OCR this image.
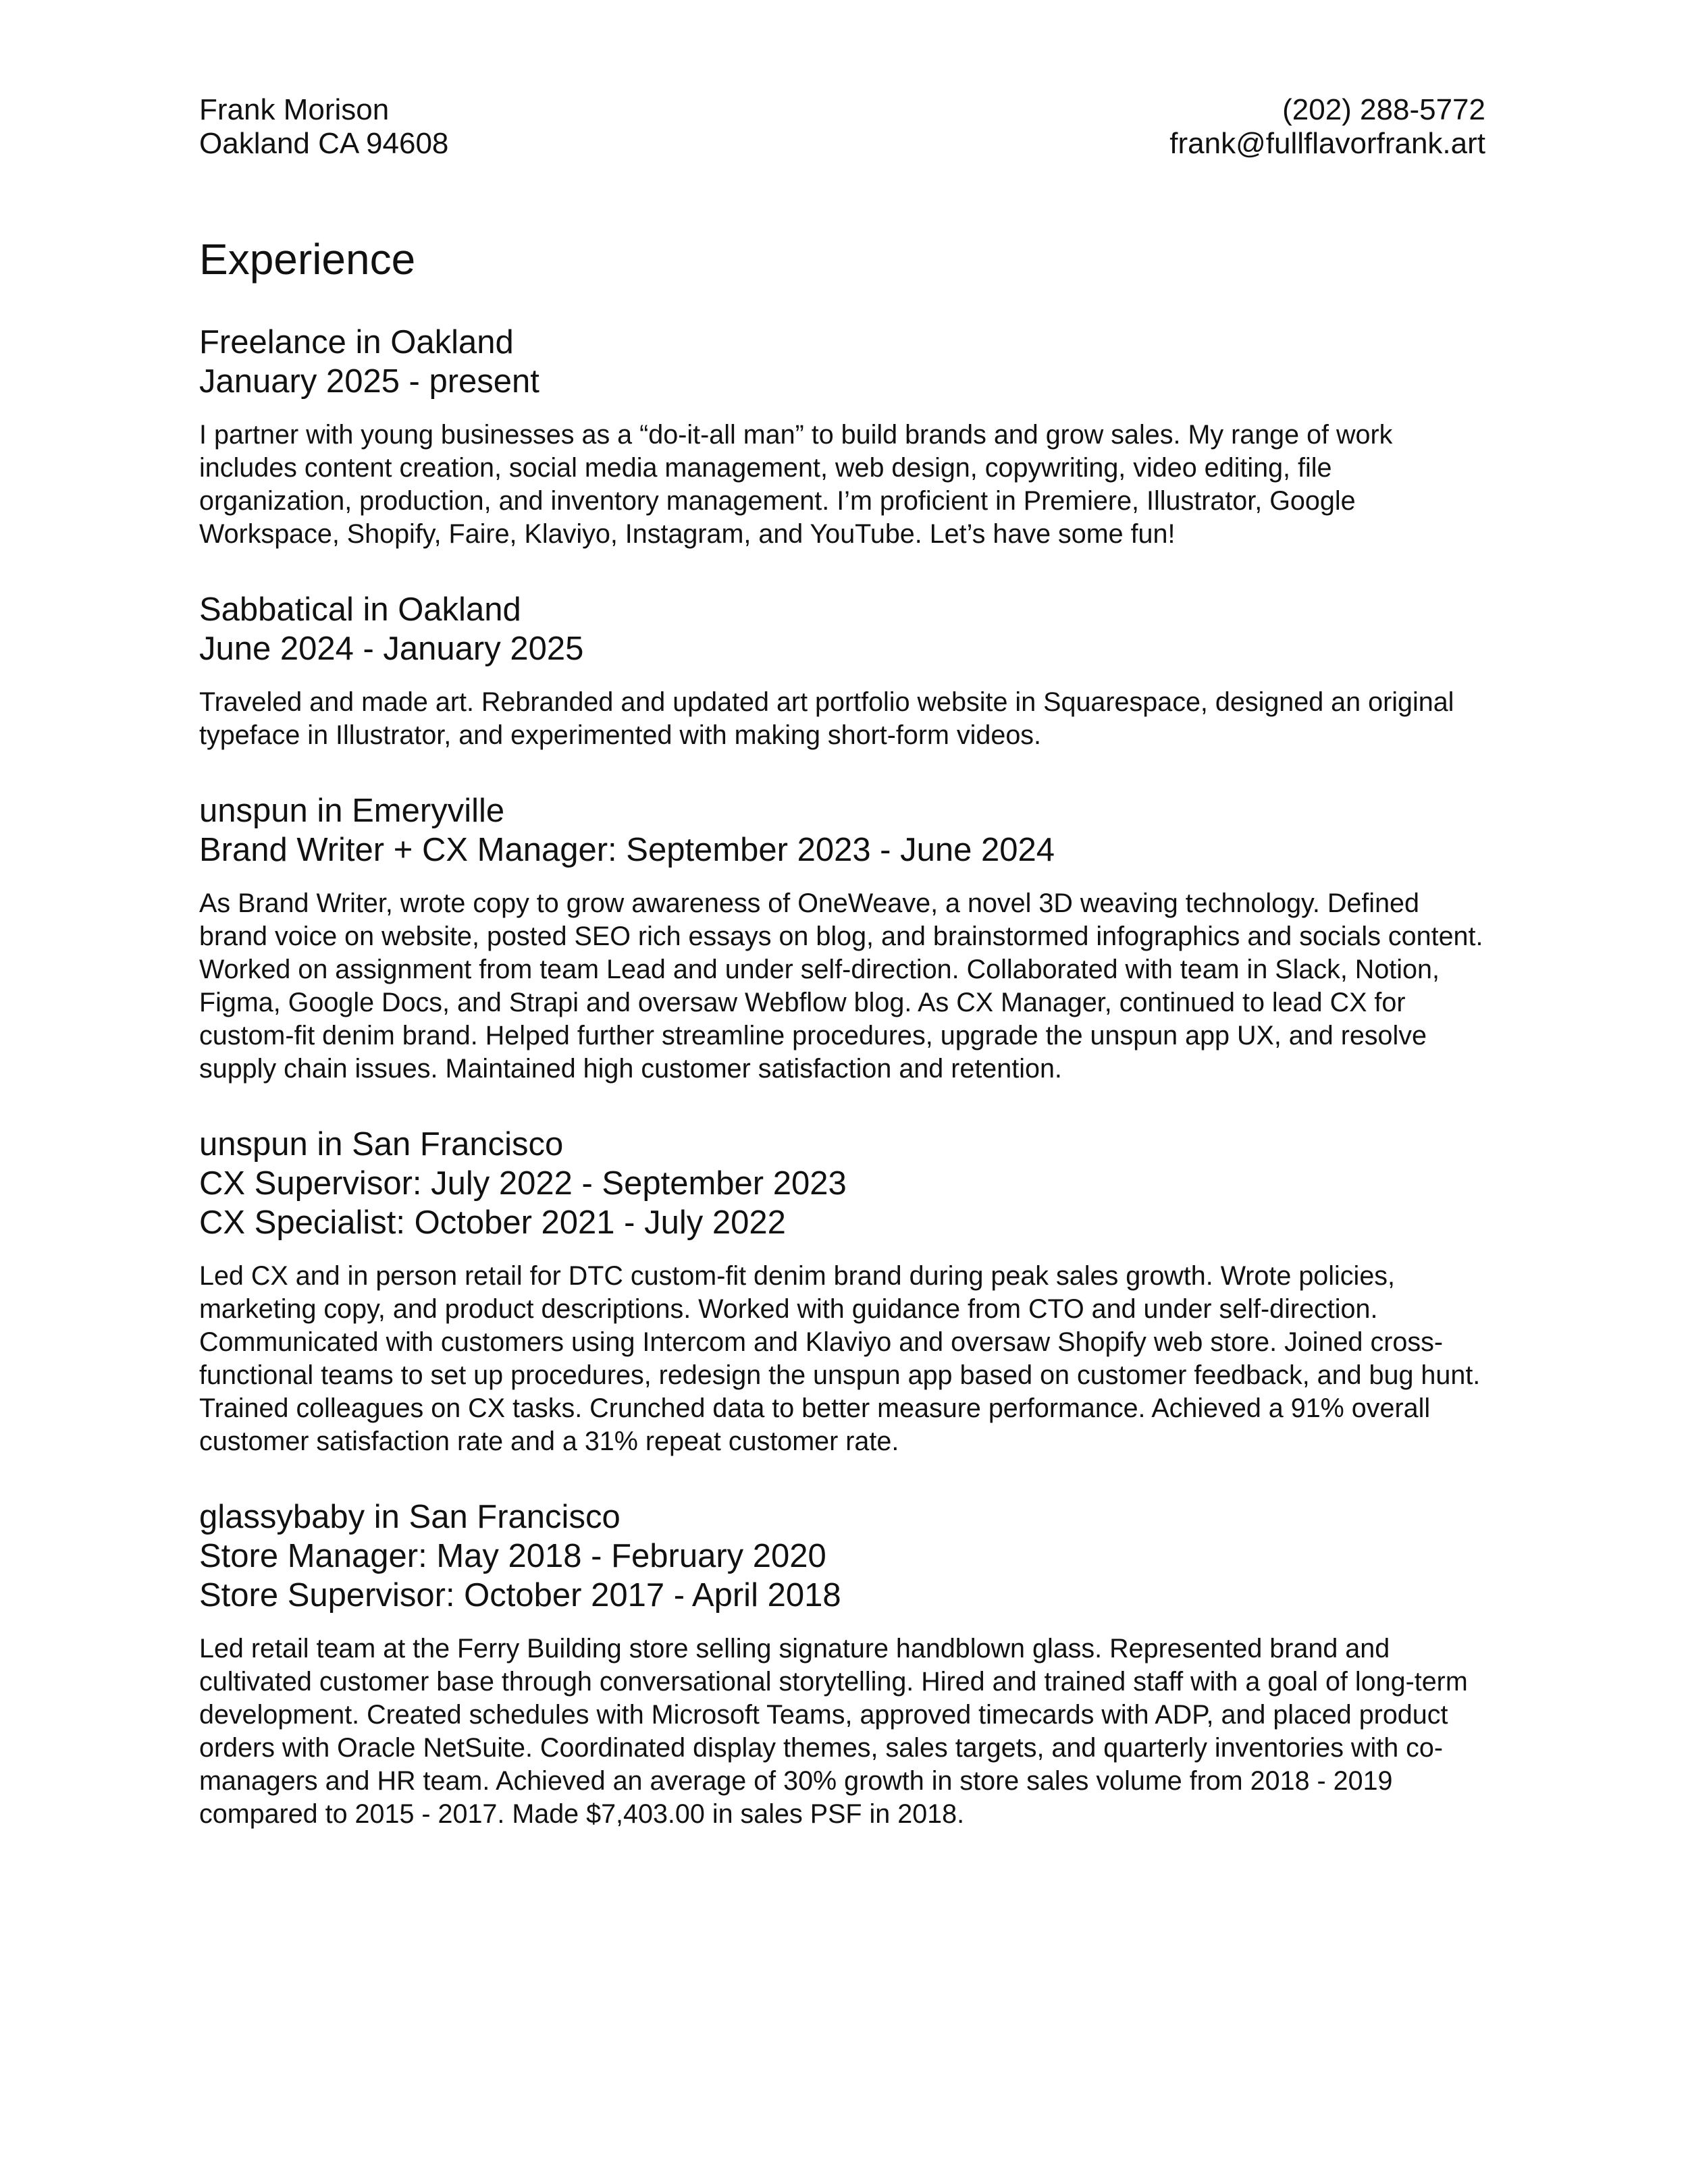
Frank Morison
Oakland CA 94608
(202) 288-5772
frank@fullflavorfrank.art
Experience
Freelance in Oakland
January 2025 - present
I partner with young businesses as a “do-it-all man” to build brands and grow sales. My range of work includes content creation, social media management, web design, copywriting, video editing, file organization, production, and inventory management. I’m proficient in Premiere, Illustrator, Google Workspace, Shopify, Faire, Klaviyo, Instagram, and YouTube. Let’s have some fun!
Sabbatical in Oakland
June 2024 - January 2025
Traveled and made art. Rebranded and updated art portfolio website in Squarespace, designed an original typeface in Illustrator, and experimented with making short-form videos.
unspun in Emeryville
Brand Writer + CX Manager: September 2023 - June 2024
As Brand Writer, wrote copy to grow awareness of OneWeave, a novel 3D weaving technology. Defined brand voice on website, posted SEO rich essays on blog, and brainstormed infographics and socials content. Worked on assignment from team Lead and under self-direction. Collaborated with team in Slack, Notion, Figma, Google Docs, and Strapi and oversaw Webflow blog. As CX Manager, continued to lead CX for custom-fit denim brand. Helped further streamline procedures, upgrade the unspun app UX, and resolve supply chain issues. Maintained high customer satisfaction and retention.
unspun in San Francisco
CX Supervisor: July 2022 - September 2023
CX Specialist: October 2021 - July 2022
Led CX and in person retail for DTC custom-fit denim brand during peak sales growth. Wrote policies, marketing copy, and product descriptions. Worked with guidance from CTO and under self-direction. Communicated with customers using Intercom and Klaviyo and oversaw Shopify web store. Joined cross-functional teams to set up procedures, redesign the unspun app based on customer feedback, and bug hunt. Trained colleagues on CX tasks. Crunched data to better measure performance. Achieved a 91% overall customer satisfaction rate and a 31% repeat customer rate.
glassybaby in San Francisco
Store Manager: May 2018 - February 2020
Store Supervisor: October 2017 - April 2018
Led retail team at the Ferry Building store selling signature handblown glass. Represented brand and cultivated customer base through conversational storytelling. Hired and trained staff with a goal of long-term development. Created schedules with Microsoft Teams, approved timecards with ADP, and placed product orders with Oracle NetSuite. Coordinated display themes, sales targets, and quarterly inventories with co-managers and HR team. Achieved an average of 30% growth in store sales volume from 2018 - 2019 compared to 2015 - 2017. Made $7,403.00 in sales PSF in 2018.
